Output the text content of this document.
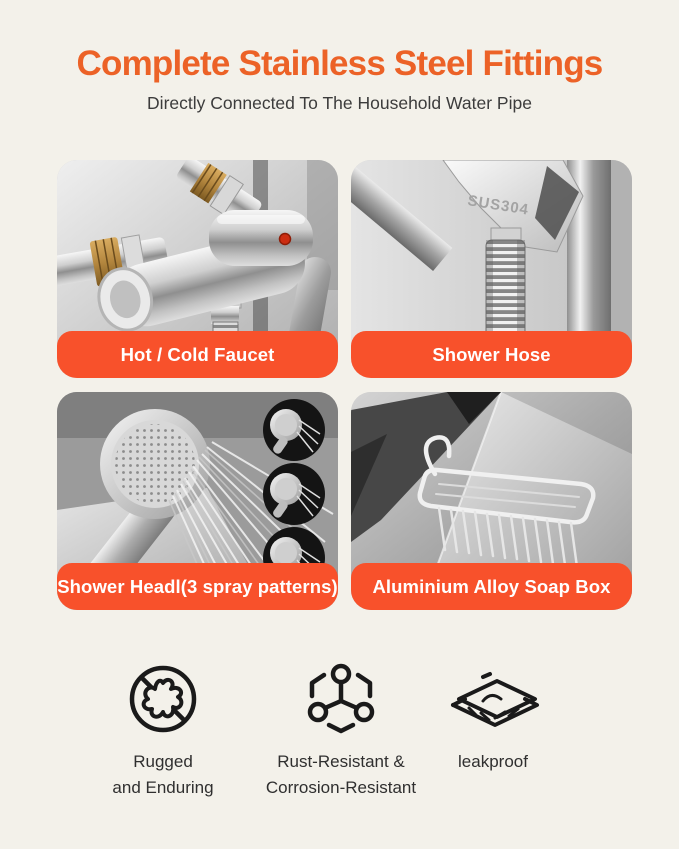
Complete Stainless Steel Fittings
Directly Connected To The Household Water Pipe
Hot / Cold Faucet
SUS304
Shower Hose
Shower Headl(3 spray patterns) Aluminium Alloy Soap Box
Rugged
and Enduring
Rust-Resistant &
Corrosion-Resistant
leakproof
